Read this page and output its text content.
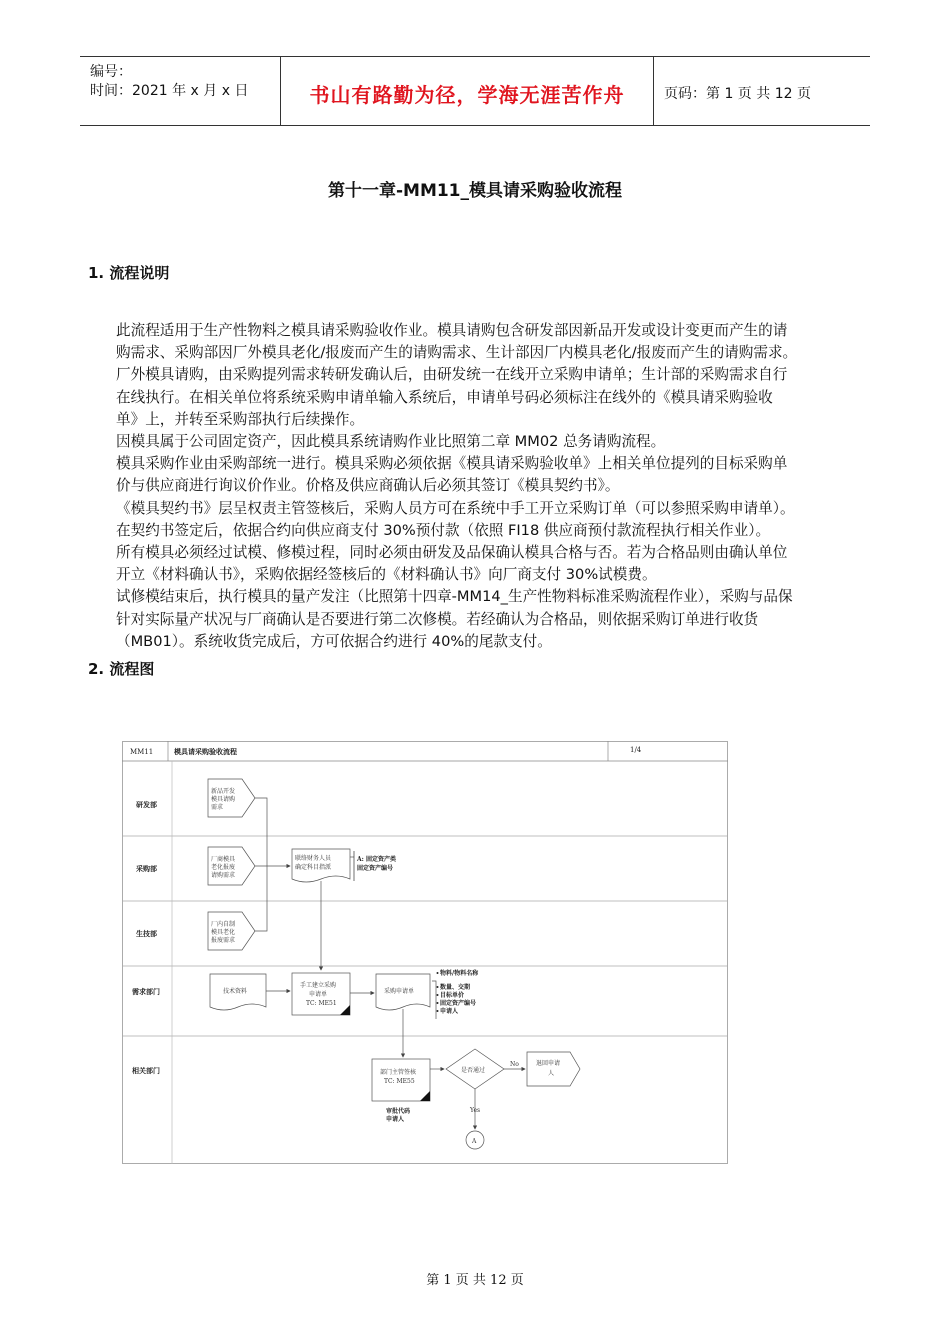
编号：
时间：2021 年 x 月 x 日	书山有路勤为径，学海无涯苦作舟	页码：第 1 页 共 12 页
第十一章-MM11_模具请采购验收流程
1. 流程说明
此流程适用于生产性物料之模具请采购验收作业。模具请购包含研发部因新品开发或设计变更而产生的请
购需求、采购部因厂外模具老化/报废而产生的请购需求、生计部因厂内模具老化/报废而产生的请购需求。
厂外模具请购，由采购提列需求转研发确认后，由研发统一在线开立采购申请单；生计部的采购需求自行
在线执行。在相关单位将系统采购申请单输入系统后，申请单号码必须标注在线外的《模具请采购验收
单》上，并转至采购部执行后续操作。
因模具属于公司固定资产，因此模具系统请购作业比照第二章 MM02 总务请购流程。
模具采购作业由采购部统一进行。模具采购必须依据《模具请采购验收单》上相关单位提列的目标采购单
价与供应商进行询议价作业。价格及供应商确认后必须其签订《模具契约书》。
《模具契约书》层呈权责主管签核后，采购人员方可在系统中手工开立采购订单（可以参照采购申请单）。
在契约书签定后，依据合约向供应商支付 30%预付款（依照 FI18 供应商预付款流程执行相关作业）。
所有模具必须经过试模、修模过程，同时必须由研发及品保确认模具合格与否。若为合格品则由确认单位
开立《材料确认书》，采购依据经签核后的《材料确认书》向厂商支付 30%试模费。
试修模结束后，执行模具的量产发注（比照第十四章-MM14_生产性物料标准采购流程作业），采购与品保
针对实际量产状况与厂商确认是否要进行第二次修模。若经确认为合格品，则依据采购订单进行收货
（MB01）。系统收货完成后，方可依据合约进行 40%的尾款支付。
2. 流程图
MM11	模具请采购验收流程	1/4
研发部
采购部
生技部
需求部门
相关部门
新品开发
模具请购
需求
厂商模具
老化报废
请购需求
厂内自制
模具老化
报废需求
联络财务人员
确定科目指派
A: 固定资产类
固定资产编号
技术资料
手工建立采购
申请单
TC: ME51
采购申请单
物料/物料名称
数量、交期
目标单价
固定资产编号
申请人
部门主管签核
TC: ME55
审批代码
申请人
是否通过
No	退回申请
人
Yes
A
第 1 页 共 12 页
